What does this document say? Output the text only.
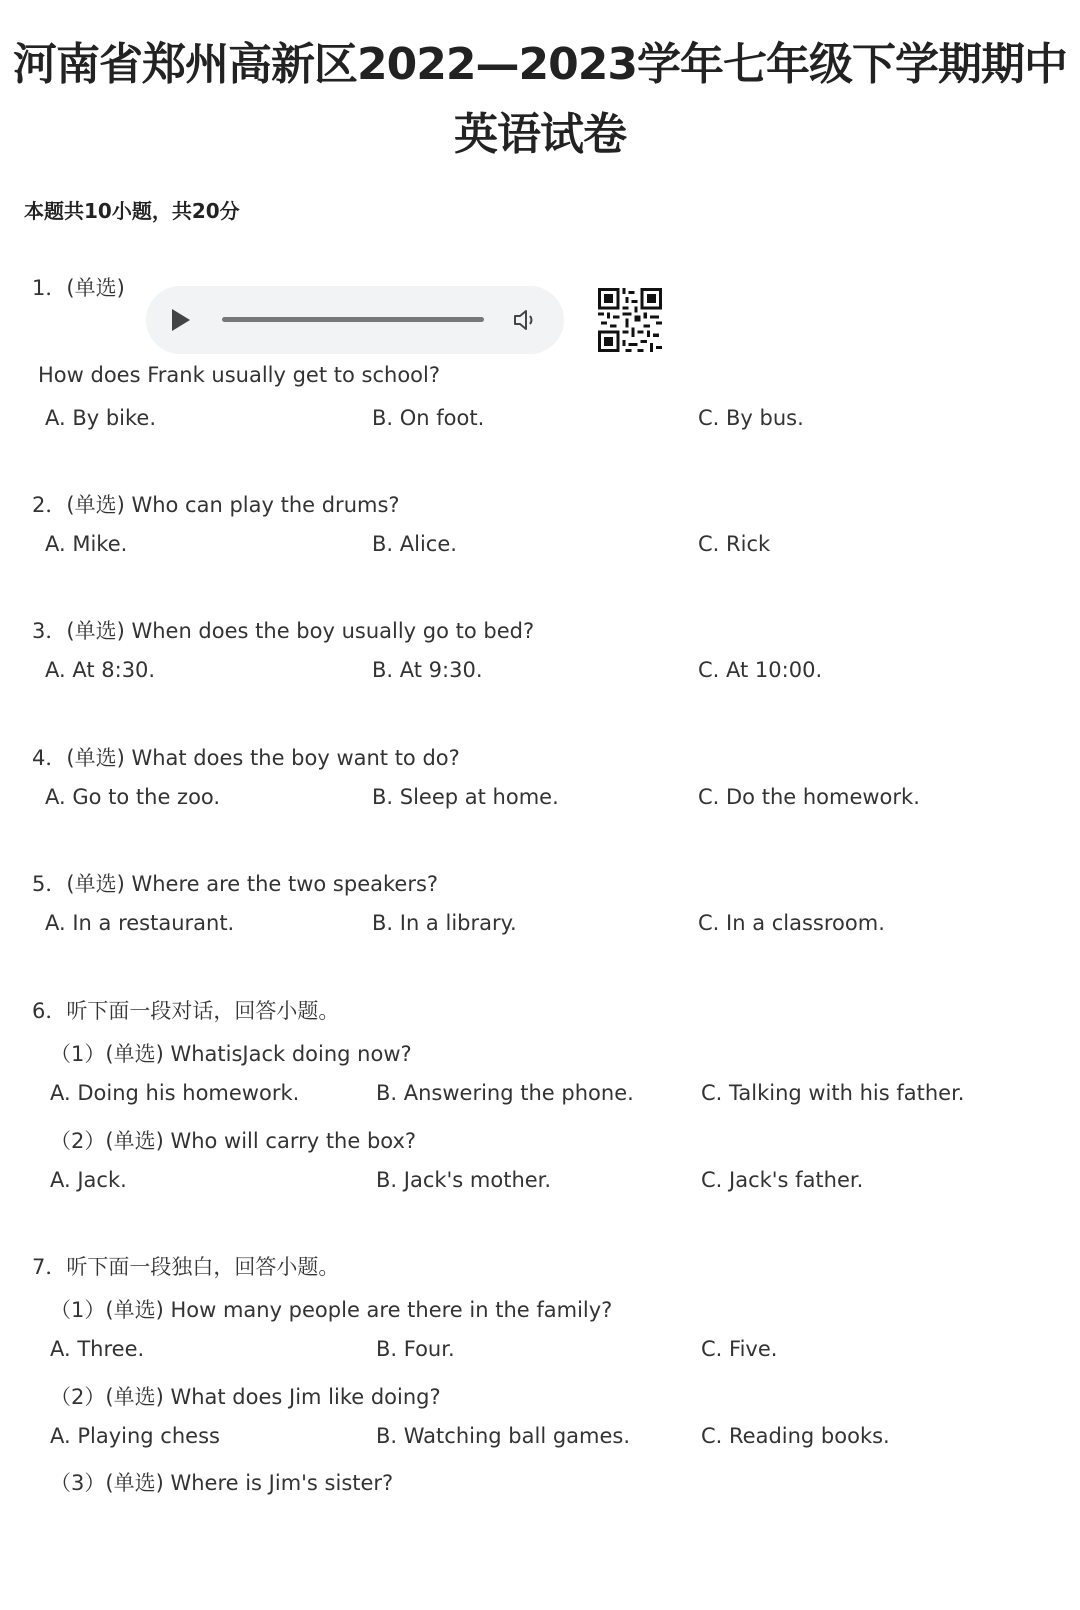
河南省郑州高新区2022—2023学年七年级下学期期中
英语试卷
本题共10小题，共20分
1．(单选)
How does Frank usually get to school?
A. By bike.	B. On foot.	C. By bus.
2．(单选) Who can play the drums?
A. Mike.	B. Alice.	C. Rick
3．(单选) When does the boy usually go to bed?
A. At 8:30.	B. At 9:30.	C. At 10:00.
4．(单选) What does the boy want to do?
A. Go to the zoo.	B. Sleep at home.	C. Do the homework.
5．(单选) Where are the two speakers?
A. In a restaurant.	B. In a library.	C. In a classroom.
6．听下面一段对话，回答小题。
（1）(单选) WhatisJack doing now?
A. Doing his homework.	B. Answering the phone.	C. Talking with his father.
（2）(单选) Who will carry the box?
A. Jack.	B. Jack's mother.	C. Jack's father.
7．听下面一段独白，回答小题。
（1）(单选) How many people are there in the family?
A. Three.	B. Four.	C. Five.
（2）(单选) What does Jim like doing?
A. Playing chess	B. Watching ball games.	C. Reading books.
（3）(单选) Where is Jim's sister?
